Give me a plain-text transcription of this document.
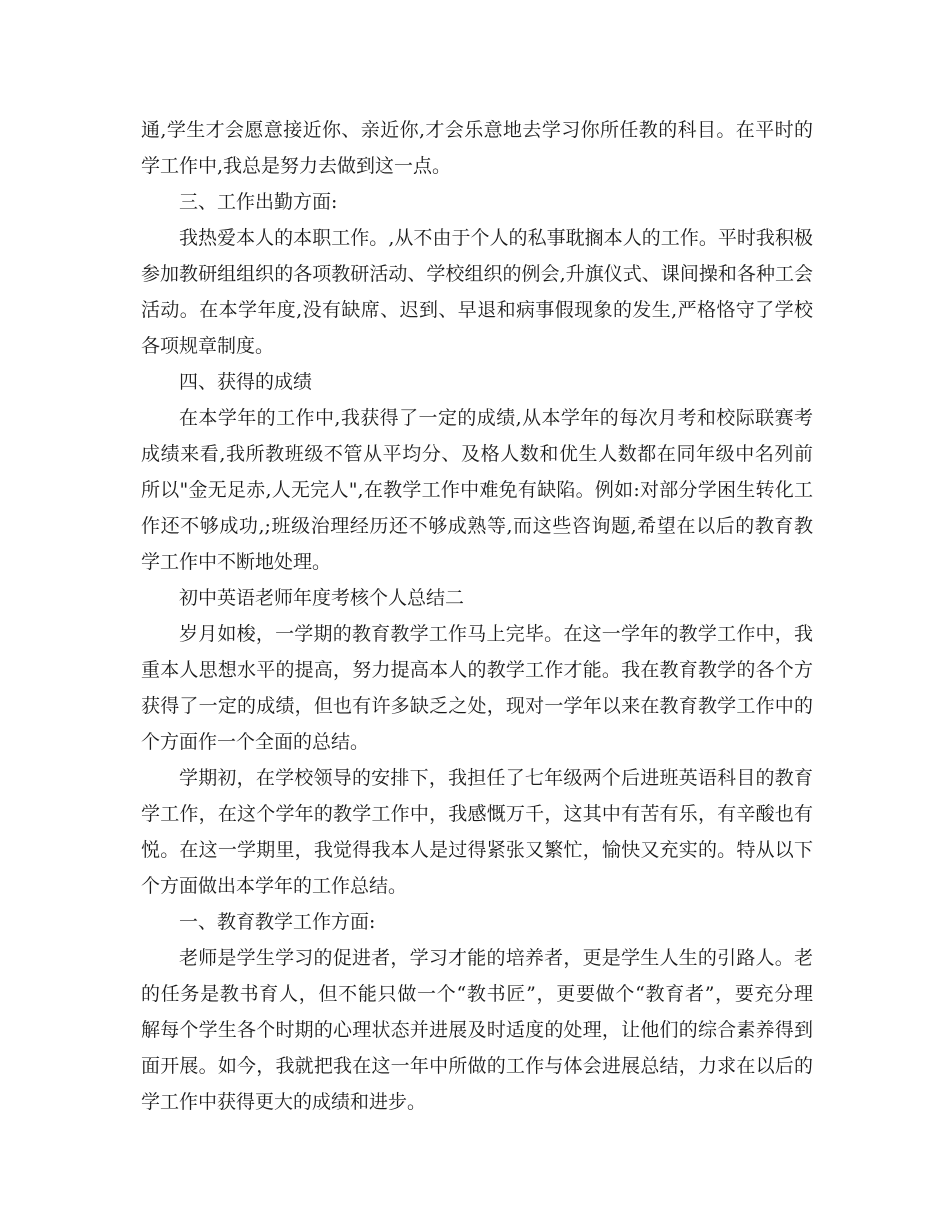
通,学生才会愿意接近你、亲近你,才会乐意地去学习你所任教的科目。在平时的
学工作中,我总是努力去做到这一点。
三、工作出勤方面:
我热爱本人的本职工作。,从不由于个人的私事耽搁本人的工作。平时我积极
参加教研组组织的各项教研活动、学校组织的例会,升旗仪式、课间操和各种工会
活动。在本学年度,没有缺席、迟到、早退和病事假现象的发生,严格恪守了学校
各项规章制度。
四、获得的成绩
在本学年的工作中,我获得了一定的成绩,从本学年的每次月考和校际联赛考
成绩来看,我所教班级不管从平均分、及格人数和优生人数都在同年级中名列前
所以"金无足赤,人无完人",在教学工作中难免有缺陷。例如:对部分学困生转化工
作还不够成功,;班级治理经历还不够成熟等,而这些咨询题,希望在以后的教育教
学工作中不断地处理。
初中英语老师年度考核个人总结二
岁月如梭，一学期的教育教学工作马上完毕。在这一学年的教学工作中，我
重本人思想水平的提高，努力提高本人的教学工作才能。我在教育教学的各个方
获得了一定的成绩，但也有许多缺乏之处，现对一学年以来在教育教学工作中的
个方面作一个全面的总结。
学期初，在学校领导的安排下，我担任了七年级两个后进班英语科目的教育
学工作，在这个学年的教学工作中，我感慨万千，这其中有苦有乐，有辛酸也有
悦。在这一学期里，我觉得我本人是过得紧张又繁忙，愉快又充实的。特从以下
个方面做出本学年的工作总结。
一、教育教学工作方面:
老师是学生学习的促进者，学习才能的培养者，更是学生人生的引路人。老
的任务是教书育人，但不能只做一个“教书匠”，更要做个“教育者”，要充分理
解每个学生各个时期的心理状态并进展及时适度的处理，让他们的综合素养得到
面开展。如今，我就把我在这一年中所做的工作与体会进展总结，力求在以后的
学工作中获得更大的成绩和进步。
